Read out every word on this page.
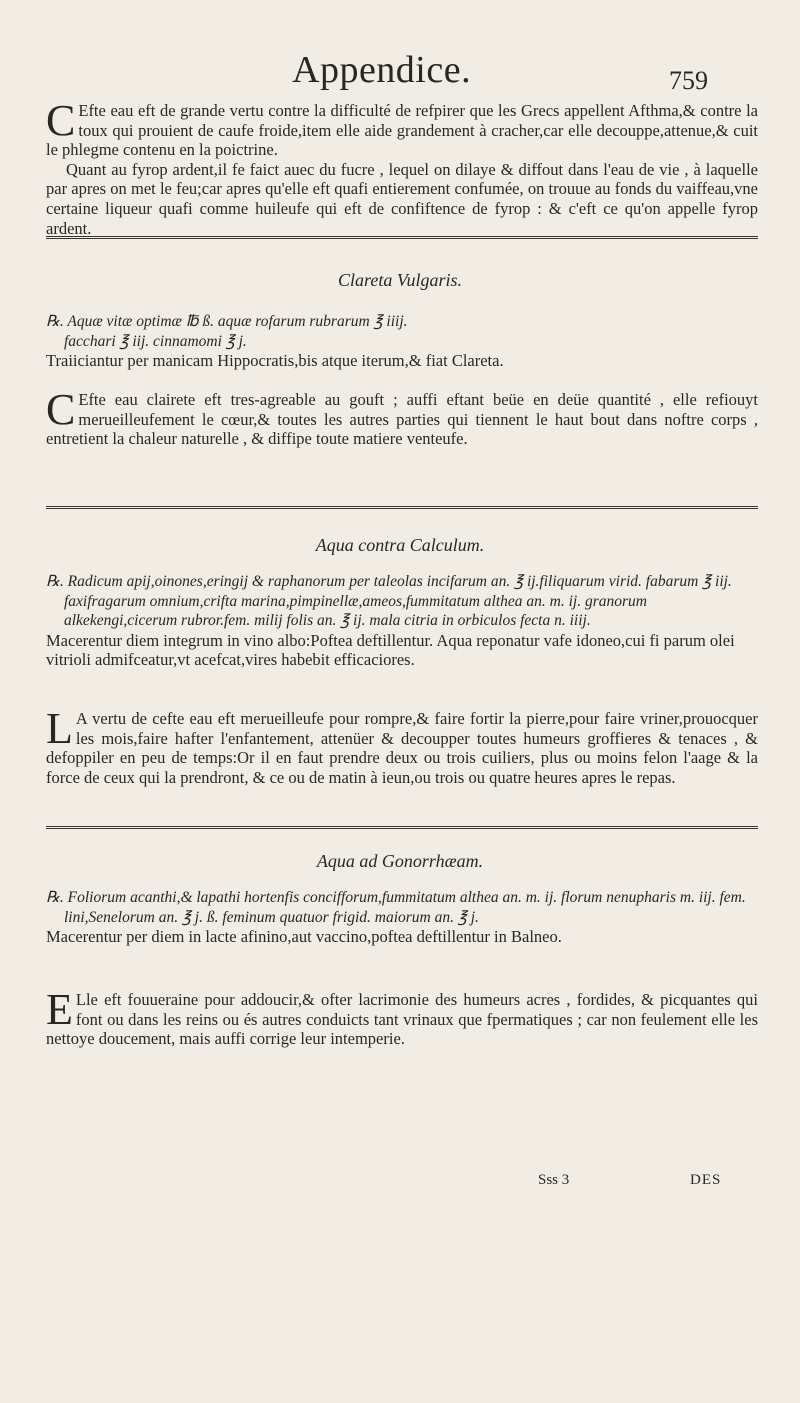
Appendice.	759

C Efte eau eft de grande vertu contre la difficulté de refpirer que les Grecs appellent Afthma,& contre la toux qui prouient de caufe froide,item elle aide grandement à cracher,car elle decouppe,attenue,& cuit le phlegme contenu en la poictrine.

Quant au fyrop ardent,il fe faict auec du fucre , lequel on dilaye & diffout dans l'eau de vie , à laquelle par apres on met le feu;car apres qu'elle eft quafi entierement confumée, on trouue au fonds du vaiffeau,vne certaine liqueur quafi comme huileufe qui eft de confiftence de fyrop : & c'eft ce qu'on appelle fyrop ardent.

Clareta Vulgaris.

℞. Aquæ vitæ optimæ ℔ ß. aquæ rofarum rubrarum ℥ iiij.

facchari ℥ iij. cinnamomi ℥ j.

Traiiciantur per manicam Hippocratis,bis atque iterum,& fiat Clareta.

C Efte eau clairete eft tres-agreable au gouft ; auffi eftant beüe en deüe quantité , elle refiouyt merueilleufement le cœur,& toutes les autres parties qui tiennent le haut bout dans noftre corps , entretient la chaleur naturelle , & diffipe toute matiere venteufe.

Aqua contra Calculum.

℞. Radicum apij,oinones,eringij & raphanorum per taleolas incifarum an. ℥ ij.filiquarum virid. fabarum ℥ iij. faxifragarum omnium,crifta marina,pimpinellæ,ameos,fummitatum althea an. m. ij. granorum alkekengi,cicerum rubror.fem. milij folis an. ℥ ij. mala citria in orbiculos fecta n. iiij.

Macerentur diem integrum in vino albo:Poftea deftillentur. Aqua reponatur vafe idoneo,cui fi parum olei vitrioli admifceatur,vt acefcat,vires habebit efficaciores.

L A vertu de cefte eau eft merueilleufe pour rompre,& faire fortir la pierre,pour faire vriner,prouocquer les mois,faire hafter l'enfantement, attenüer & decoupper toutes humeurs groffieres & tenaces , & defoppiler en peu de temps:Or il en faut prendre deux ou trois cuiliers, plus ou moins felon l'aage & la force de ceux qui la prendront, & ce ou de matin à ieun,ou trois ou quatre heures apres le repas.

Aqua ad Gonorrhæam.

℞. Foliorum acanthi,& lapathi hortenfis concifforum,fummitatum althea an. m. ij. florum nenupharis m. iij. fem. lini,Senelorum an. ℥ j. ß. feminum quatuor frigid. maiorum an. ℥ j.

Macerentur per diem in lacte afinino,aut vaccino,poftea deftillentur in Balneo.

E Lle eft fouueraine pour addoucir,& ofter lacrimonie des humeurs acres , fordides, & picquantes qui font ou dans les reins ou és autres conduicts tant vrinaux que fpermatiques ; car non feulement elle les nettoye doucement, mais auffi corrige leur intemperie.

Sss 3	DES
